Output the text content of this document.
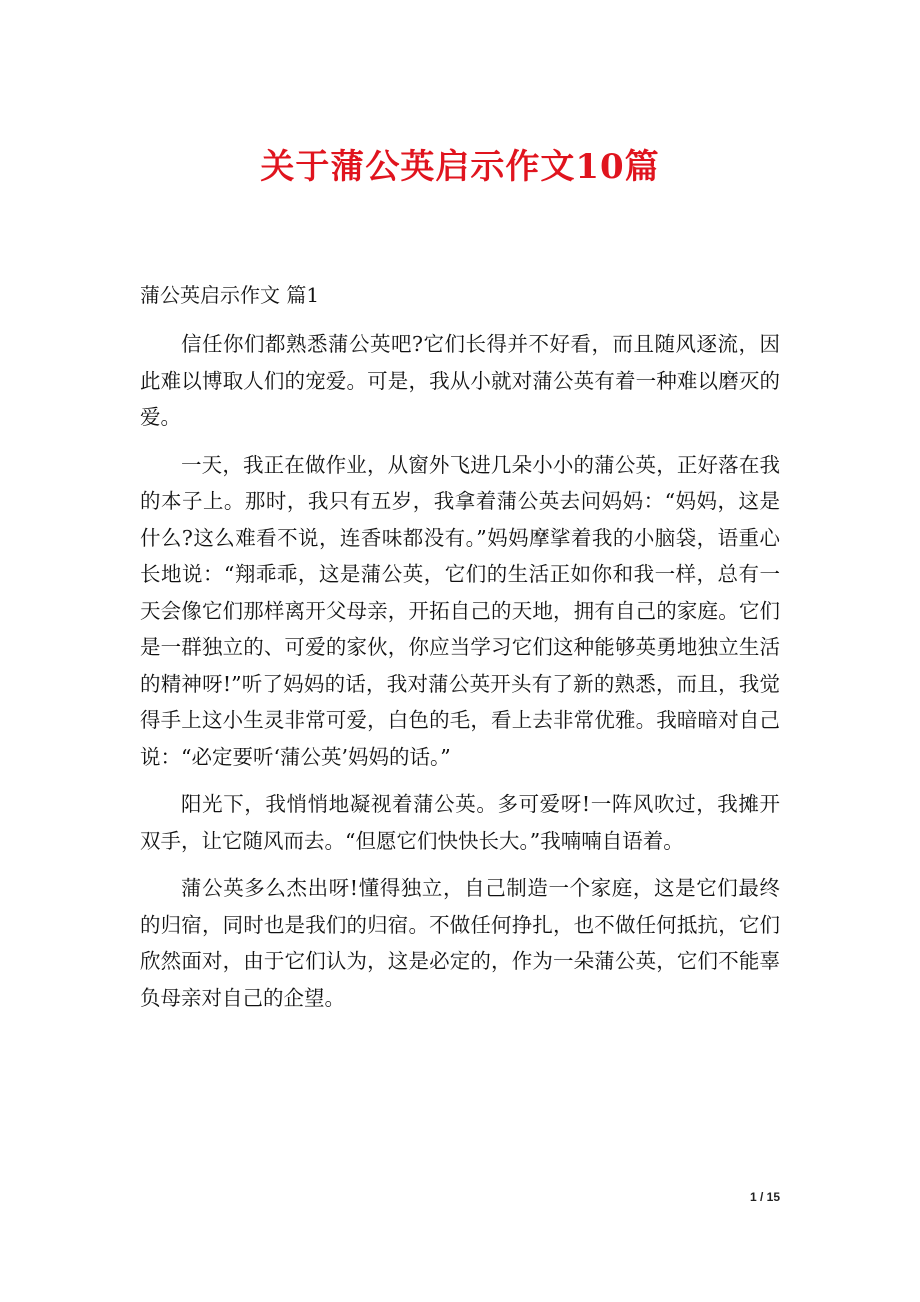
关于蒲公英启示作文10篇
蒲公英启示作文 篇1

信任你们都熟悉蒲公英吧?它们长得并不好看，而且随风逐流，因此难以博取人们的宠爱。可是，我从小就对蒲公英有着一种难以磨灭的爱。

一天，我正在做作业，从窗外飞进几朵小小的蒲公英，正好落在我的本子上。那时，我只有五岁，我拿着蒲公英去问妈妈：“妈妈，这是什么?这么难看不说，连香味都没有。”妈妈摩挲着我的小脑袋，语重心长地说：“翔乖乖，这是蒲公英，它们的生活正如你和我一样，总有一天会像它们那样离开父母亲，开拓自己的天地，拥有自己的家庭。它们是一群独立的、可爱的家伙，你应当学习它们这种能够英勇地独立生活的精神呀!”听了妈妈的话，我对蒲公英开头有了新的熟悉，而且，我觉得手上这小生灵非常可爱，白色的毛，看上去非常优雅。我暗暗对自己说：“必定要听‘蒲公英’妈妈的话。”

阳光下，我悄悄地凝视着蒲公英。多可爱呀!一阵风吹过，我摊开双手，让它随风而去。“但愿它们快快长大。”我喃喃自语着。

蒲公英多么杰出呀!懂得独立，自己制造一个家庭，这是它们最终的归宿，同时也是我们的归宿。不做任何挣扎，也不做任何抵抗，它们欣然面对，由于它们认为，这是必定的，作为一朵蒲公英，它们不能辜负母亲对自己的企望。

1 / 15
